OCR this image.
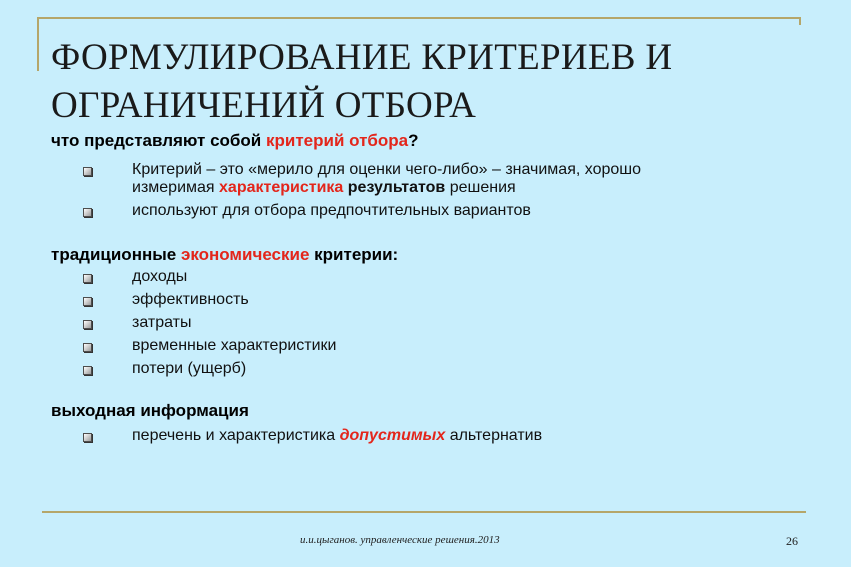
ФОРМУЛИРОВАНИЕ КРИТЕРИЕВ И
ОГРАНИЧЕНИЙ ОТБОРА
что представляют собой критерий отбора?
Критерий – это «мерило для оценки чего-либо» – значимая, хорошо
измеримая характеристика результатов решения
используют для отбора предпочтительных вариантов
традиционные экономические критерии:
доходы
эффективность
затраты
временные характеристики
потери (ущерб)
выходная информация
перечень и характеристика допустимых альтернатив
и.и.цыганов. управленческие решения.2013	26
